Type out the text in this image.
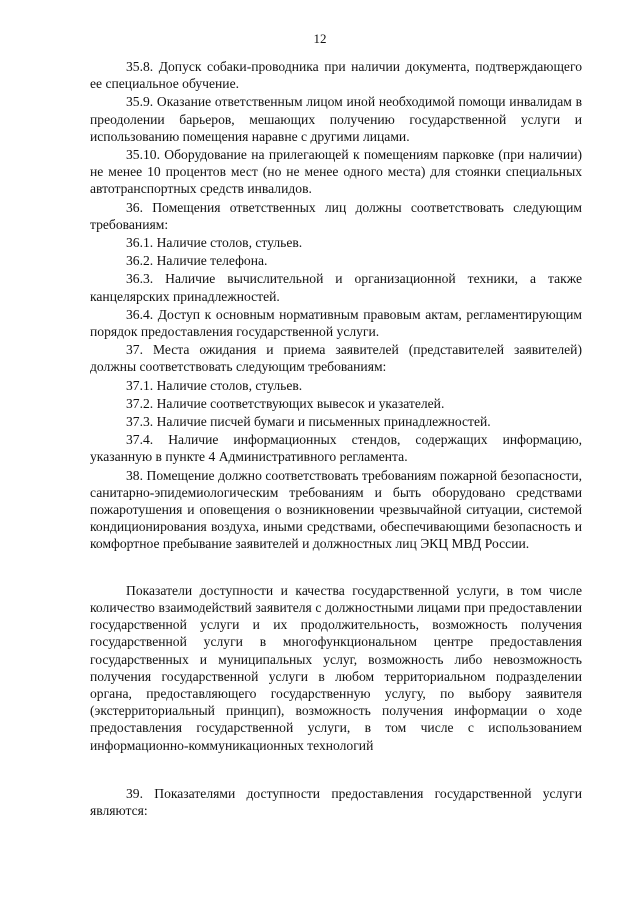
12

35.8. Допуск собаки-проводника при наличии документа, подтверждающего ее специальное обучение.

35.9. Оказание ответственным лицом иной необходимой помощи инвалидам в преодолении барьеров, мешающих получению государственной услуги и использованию помещения наравне с другими лицами.

35.10. Оборудование на прилегающей к помещениям парковке (при наличии) не менее 10 процентов мест (но не менее одного места) для стоянки специальных автотранспортных средств инвалидов.

36. Помещения ответственных лиц должны соответствовать следующим требованиям:

36.1. Наличие столов, стульев.

36.2. Наличие телефона.

36.3. Наличие вычислительной и организационной техники, а также канцелярских принадлежностей.

36.4. Доступ к основным нормативным правовым актам, регламентирующим порядок предоставления государственной услуги.

37. Места ожидания и приема заявителей (представителей заявителей) должны соответствовать следующим требованиям:

37.1. Наличие столов, стульев.

37.2. Наличие соответствующих вывесок и указателей.

37.3. Наличие писчей бумаги и письменных принадлежностей.

37.4. Наличие информационных стендов, содержащих информацию, указанную в пункте 4 Административного регламента.

38. Помещение должно соответствовать требованиям пожарной безопасности, санитарно-эпидемиологическим требованиям и быть оборудовано средствами пожаротушения и оповещения о возникновении чрезвычайной ситуации, системой кондиционирования воздуха, иными средствами, обеспечивающими безопасность и комфортное пребывание заявителей и должностных лиц ЭКЦ МВД России.

Показатели доступности и качества государственной услуги, в том числе количество взаимодействий заявителя с должностными лицами при предоставлении государственной услуги и их продолжительность, возможность получения государственной услуги в многофункциональном центре предоставления государственных и муниципальных услуг, возможность либо невозможность получения государственной услуги в любом территориальном подразделении органа, предоставляющего государственную услугу, по выбору заявителя (экстерриториальный принцип), возможность получения информации о ходе предоставления государственной услуги, в том числе с использованием информационно-коммуникационных технологий

39. Показателями доступности предоставления государственной услуги являются:
